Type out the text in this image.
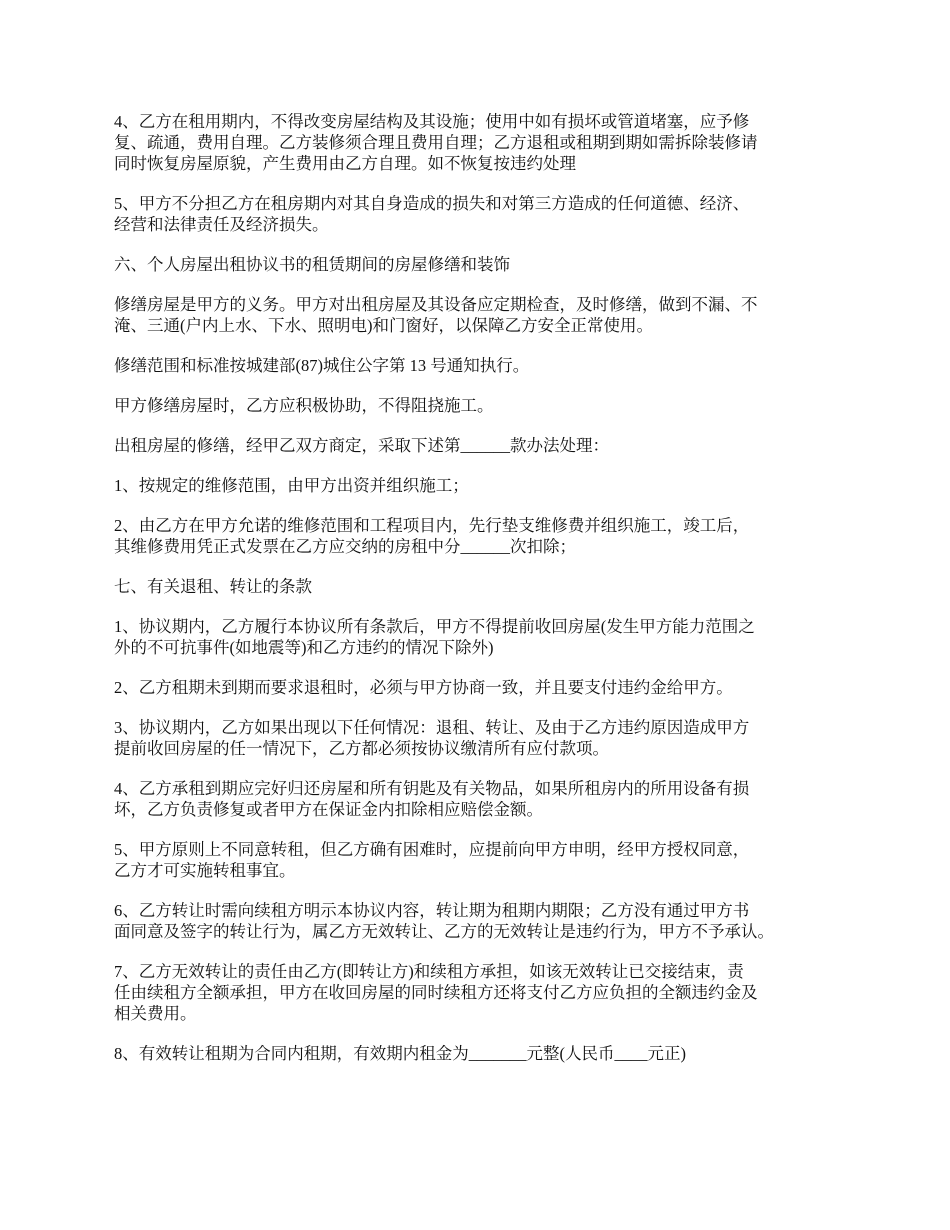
4、乙方在租用期内，不得改变房屋结构及其设施；使用中如有损坏或管道堵塞，应予修
复、疏通，费用自理。乙方装修须合理且费用自理；乙方退租或租期到期如需拆除装修请
同时恢复房屋原貌，产生费用由乙方自理。如不恢复按违约处理
5、甲方不分担乙方在租房期内对其自身造成的损失和对第三方造成的任何道德、经济、
经营和法律责任及经济损失。
六、个人房屋出租协议书的租赁期间的房屋修缮和装饰
修缮房屋是甲方的义务。甲方对出租房屋及其设备应定期检查，及时修缮，做到不漏、不
淹、三通(户内上水、下水、照明电)和门窗好，以保障乙方安全正常使用。
修缮范围和标准按城建部(87)城住公字第 13 号通知执行。
甲方修缮房屋时，乙方应积极协助，不得阻挠施工。
出租房屋的修缮，经甲乙双方商定，采取下述第______款办法处理：
1、按规定的维修范围，由甲方出资并组织施工；
2、由乙方在甲方允诺的维修范围和工程项目内，先行垫支维修费并组织施工，竣工后，
其维修费用凭正式发票在乙方应交纳的房租中分______次扣除；
七、有关退租、转让的条款
1、协议期内，乙方履行本协议所有条款后，甲方不得提前收回房屋(发生甲方能力范围之
外的不可抗事件(如地震等)和乙方违约的情况下除外)
2、乙方租期未到期而要求退租时，必须与甲方协商一致，并且要支付违约金给甲方。
3、协议期内，乙方如果出现以下任何情况：退租、转让、及由于乙方违约原因造成甲方
提前收回房屋的任一情况下，乙方都必须按协议缴清所有应付款项。
4、乙方承租到期应完好归还房屋和所有钥匙及有关物品，如果所租房内的所用设备有损
坏，乙方负责修复或者甲方在保证金内扣除相应赔偿金额。
5、甲方原则上不同意转租，但乙方确有困难时，应提前向甲方申明，经甲方授权同意，
乙方才可实施转租事宜。
6、乙方转让时需向续租方明示本协议内容，转让期为租期内期限；乙方没有通过甲方书
面同意及签字的转让行为，属乙方无效转让、乙方的无效转让是违约行为，甲方不予承认。
7、乙方无效转让的责任由乙方(即转让方)和续租方承担，如该无效转让已交接结束，责
任由续租方全额承担，甲方在收回房屋的同时续租方还将支付乙方应负担的全额违约金及
相关费用。
8、有效转让租期为合同内租期，有效期内租金为_______元整(人民币____元正)
